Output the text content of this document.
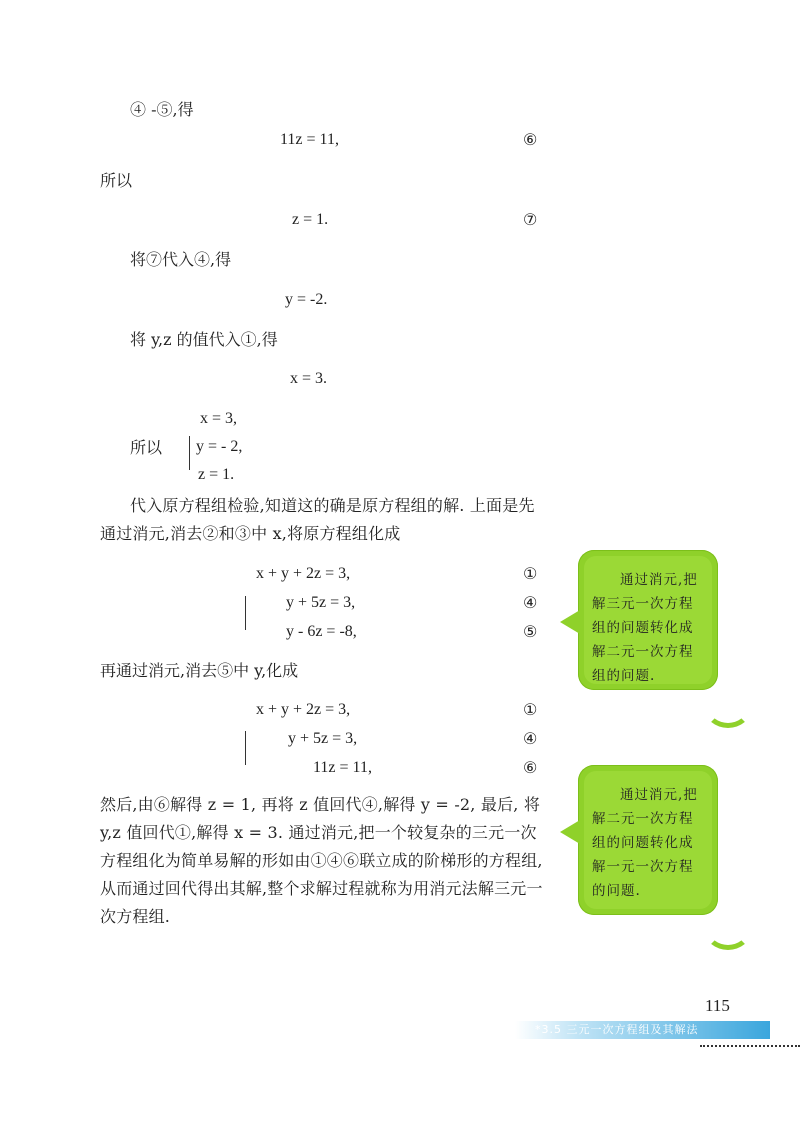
④ -⑤,得
11z = 11,	⑥
所以
z = 1.	⑦
将⑦代入④,得
y = -2.
将 y,z 的值代入①,得
x = 3.
所以
x = 3,
y = - 2,
z = 1.
代入原方程组检验,知道这的确是原方程组的解. 上面是先通过消元,消去②和③中 x,将原方程组化成
x + y + 2z = 3,	①
y + 5z = 3,	④
y - 6z = -8,	⑤
再通过消元,消去⑤中 y,化成
x + y + 2z = 3,	①
y + 5z = 3,	④
11z = 11,	⑥
然后,由⑥解得 z = 1, 再将 z 值回代④,解得 y = -2, 最后, 将 y,z 值回代①,解得 x = 3. 通过消元,把一个较复杂的三元一次方程组化为简单易解的形如由①④⑥联立成的阶梯形的方程组,从而通过回代得出其解,整个求解过程就称为用消元法解三元一次方程组.
通过消元,把解三元一次方程组的问题转化成解二元一次方程组的问题.
通过消元,把解二元一次方程组的问题转化成解一元一次方程的问题.
115
*3.5 三元一次方程组及其解法
